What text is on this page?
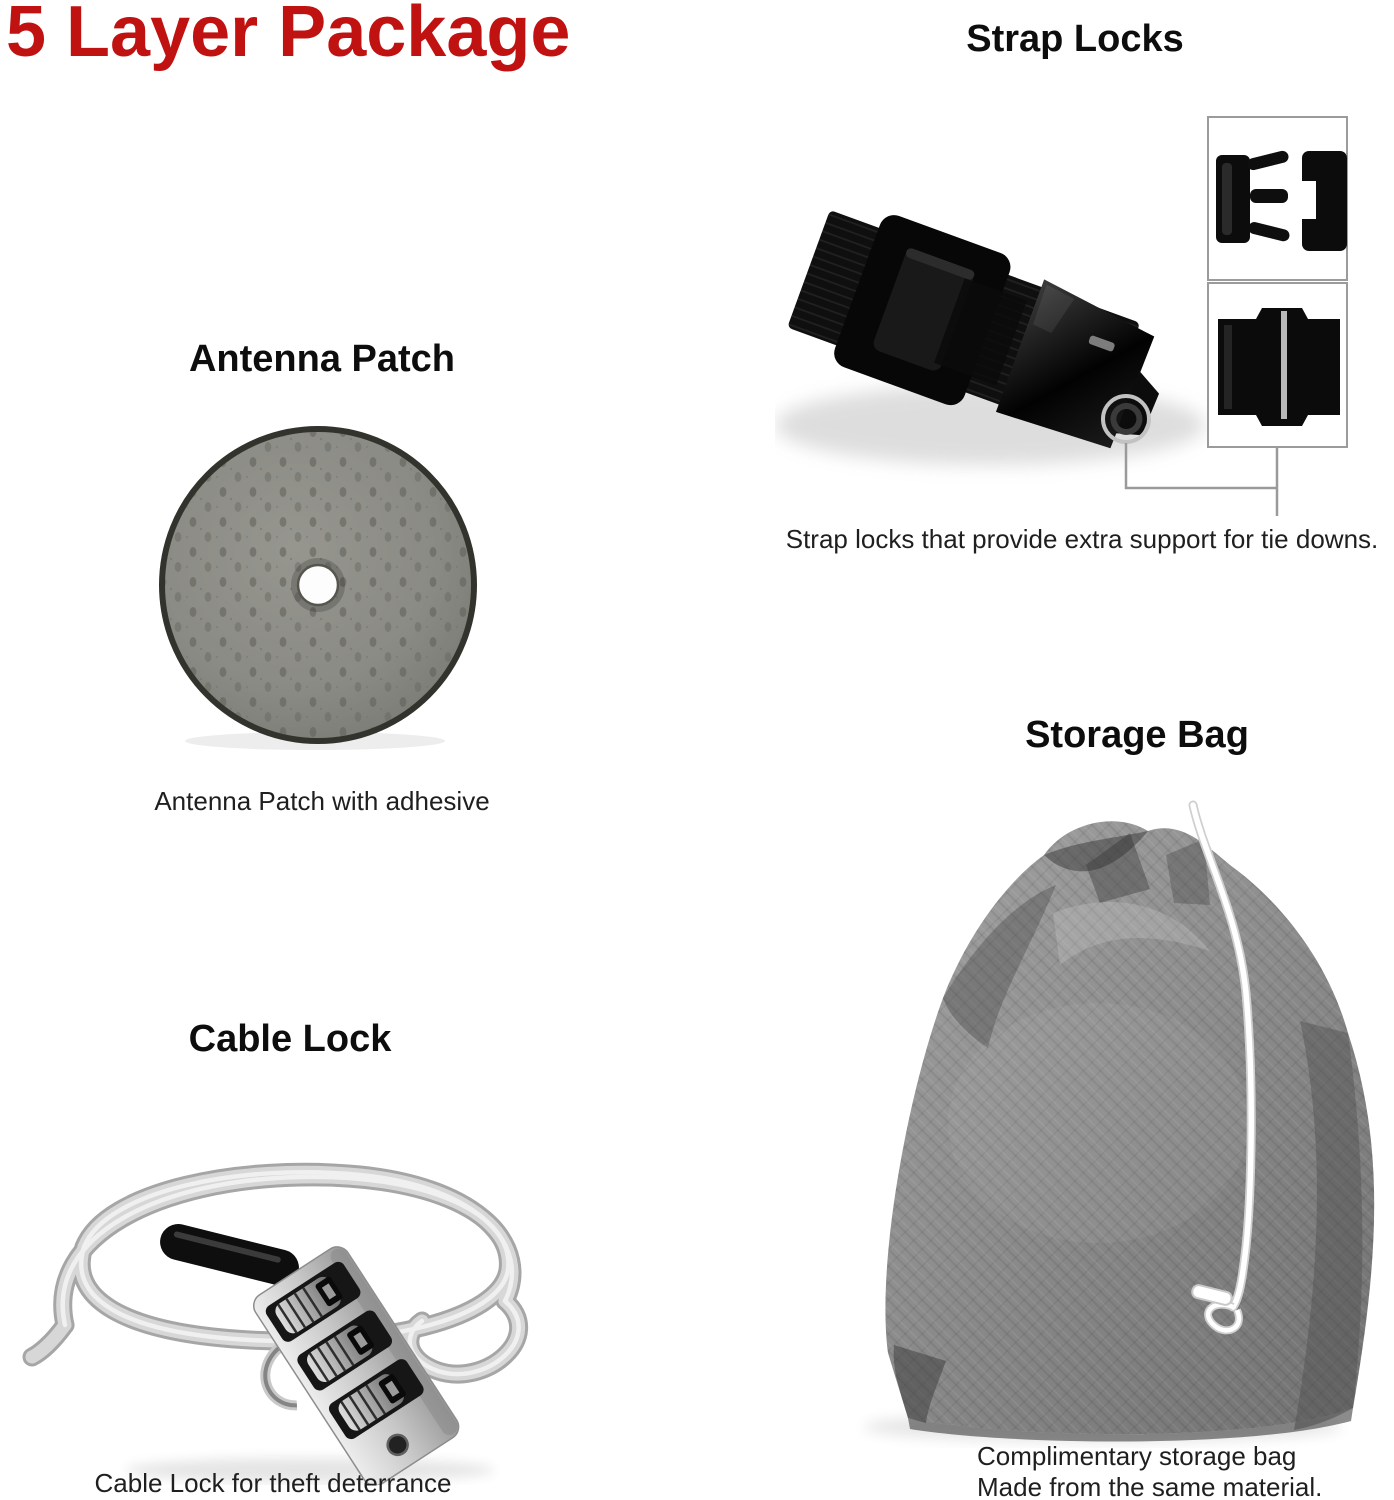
5 Layer Package	Strap Locks
Strap locks that provide extra support for tie downs.
Antenna Patch
Antenna Patch with adhesive
Cable Lock
Cable Lock for theft deterrance
Storage Bag
Complimentary storage bag
Made from the same material.
